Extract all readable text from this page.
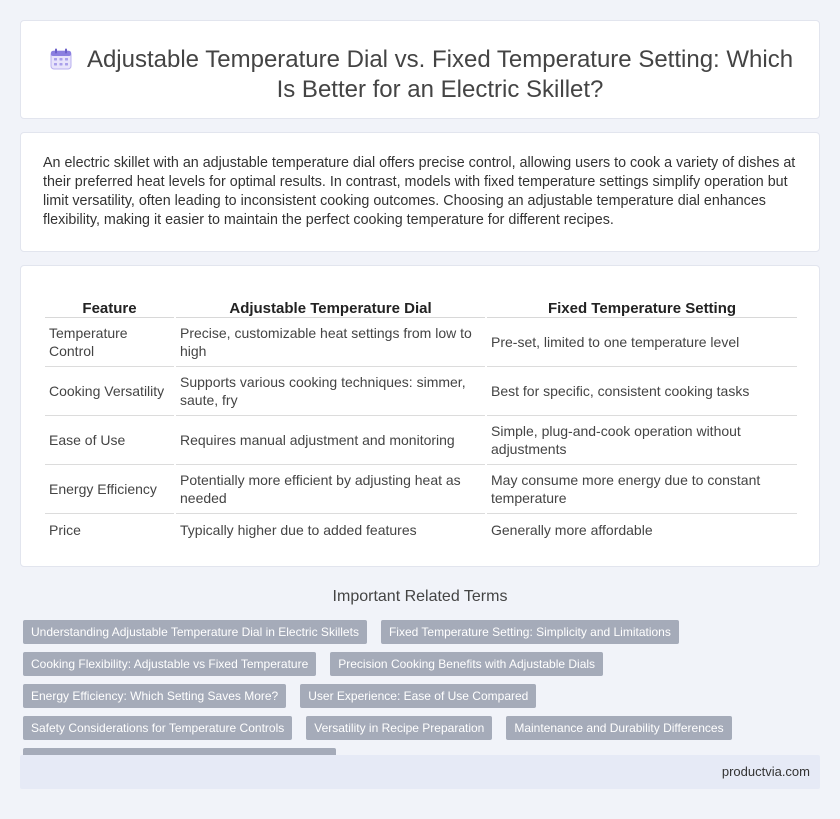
Adjustable Temperature Dial vs. Fixed Temperature Setting: Which Is Better for an Electric Skillet?

An electric skillet with an adjustable temperature dial offers precise control, allowing users to cook a variety of dishes at their preferred heat levels for optimal results. In contrast, models with fixed temperature settings simplify operation but limit versatility, often leading to inconsistent cooking outcomes. Choosing an adjustable temperature dial enhances flexibility, making it easier to maintain the perfect cooking temperature for different recipes.

Feature	Adjustable Temperature Dial	Fixed Temperature Setting
Temperature Control	Precise, customizable heat settings from low to high	Pre-set, limited to one temperature level
Cooking Versatility	Supports various cooking techniques: simmer, saute, fry	Best for specific, consistent cooking tasks
Ease of Use	Requires manual adjustment and monitoring	Simple, plug-and-cook operation without adjustments
Energy Efficiency	Potentially more efficient by adjusting heat as needed	May consume more energy due to constant temperature
Price	Typically higher due to added features	Generally more affordable
Important Related Terms
Understanding Adjustable Temperature Dial in Electric Skillets	Fixed Temperature Setting: Simplicity and Limitations
Cooking Flexibility: Adjustable vs Fixed Temperature	Precision Cooking Benefits with Adjustable Dials
Energy Efficiency: Which Setting Saves More?	User Experience: Ease of Use Compared
Safety Considerations for Temperature Controls	Versatility in Recipe Preparation	Maintenance and Durability Differences
productvia.com
